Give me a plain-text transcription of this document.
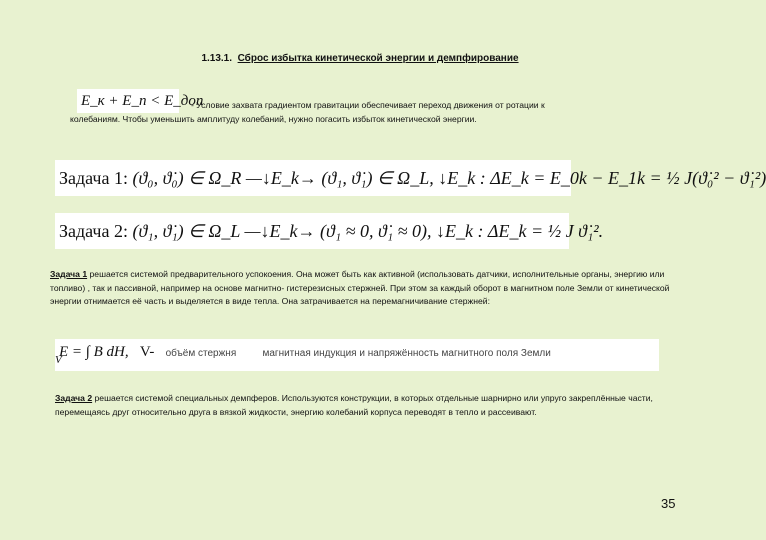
1.13.1. Сброс избытка кинетической энергии и демпфирование
E_к + E_п < E_доп
- Условие захвата градиентом гравитации обеспечивает переход движения от ротации к колебаниям. Чтобы уменьшить амплитуду колебаний, нужно погасить избыток кинетической энергии.
Задача 1: (ϑ₀, ϑ̇₀) ∈ Ω_R —↓E_k→ (ϑ₁, ϑ̇₁) ∈ Ω_L, ↓E_k : ΔE_k = E_0k − E_1k = ½ J(ϑ̇₀² − ϑ̇₁²)
Задача 2: (ϑ₁, ϑ̇₁) ∈ Ω_L —↓E_k→ (ϑ₁ ≈ 0, ϑ̇₁ ≈ 0), ↓E_k : ΔE_k = ½ J ϑ̇₁².
Задача 1 решается системой предварительного успокоения. Она может быть как активной (использовать датчики, исполнительные органы, энергию или топливо) , так и пассивной, например на основе магнитно- гистерезисных стержней. При этом за каждый оборот в магнитном поле Земли от кинетической энергии отнимается её часть и выделяется в виде тепла. Она затрачивается на перемагничивание стержней:
E = ∫ B dH, V- объём стержня	магнитная индукция и напряжённость магнитного поля Земли
V
Задача 2 решается системой специальных демпферов. Используются конструкции, в которых отдельные шарнирно или упруго закреплённые части, перемещаясь друг относительно друга в вязкой жидкости, энергию колебаний корпуса переводят в тепло и рассеивают.
35
